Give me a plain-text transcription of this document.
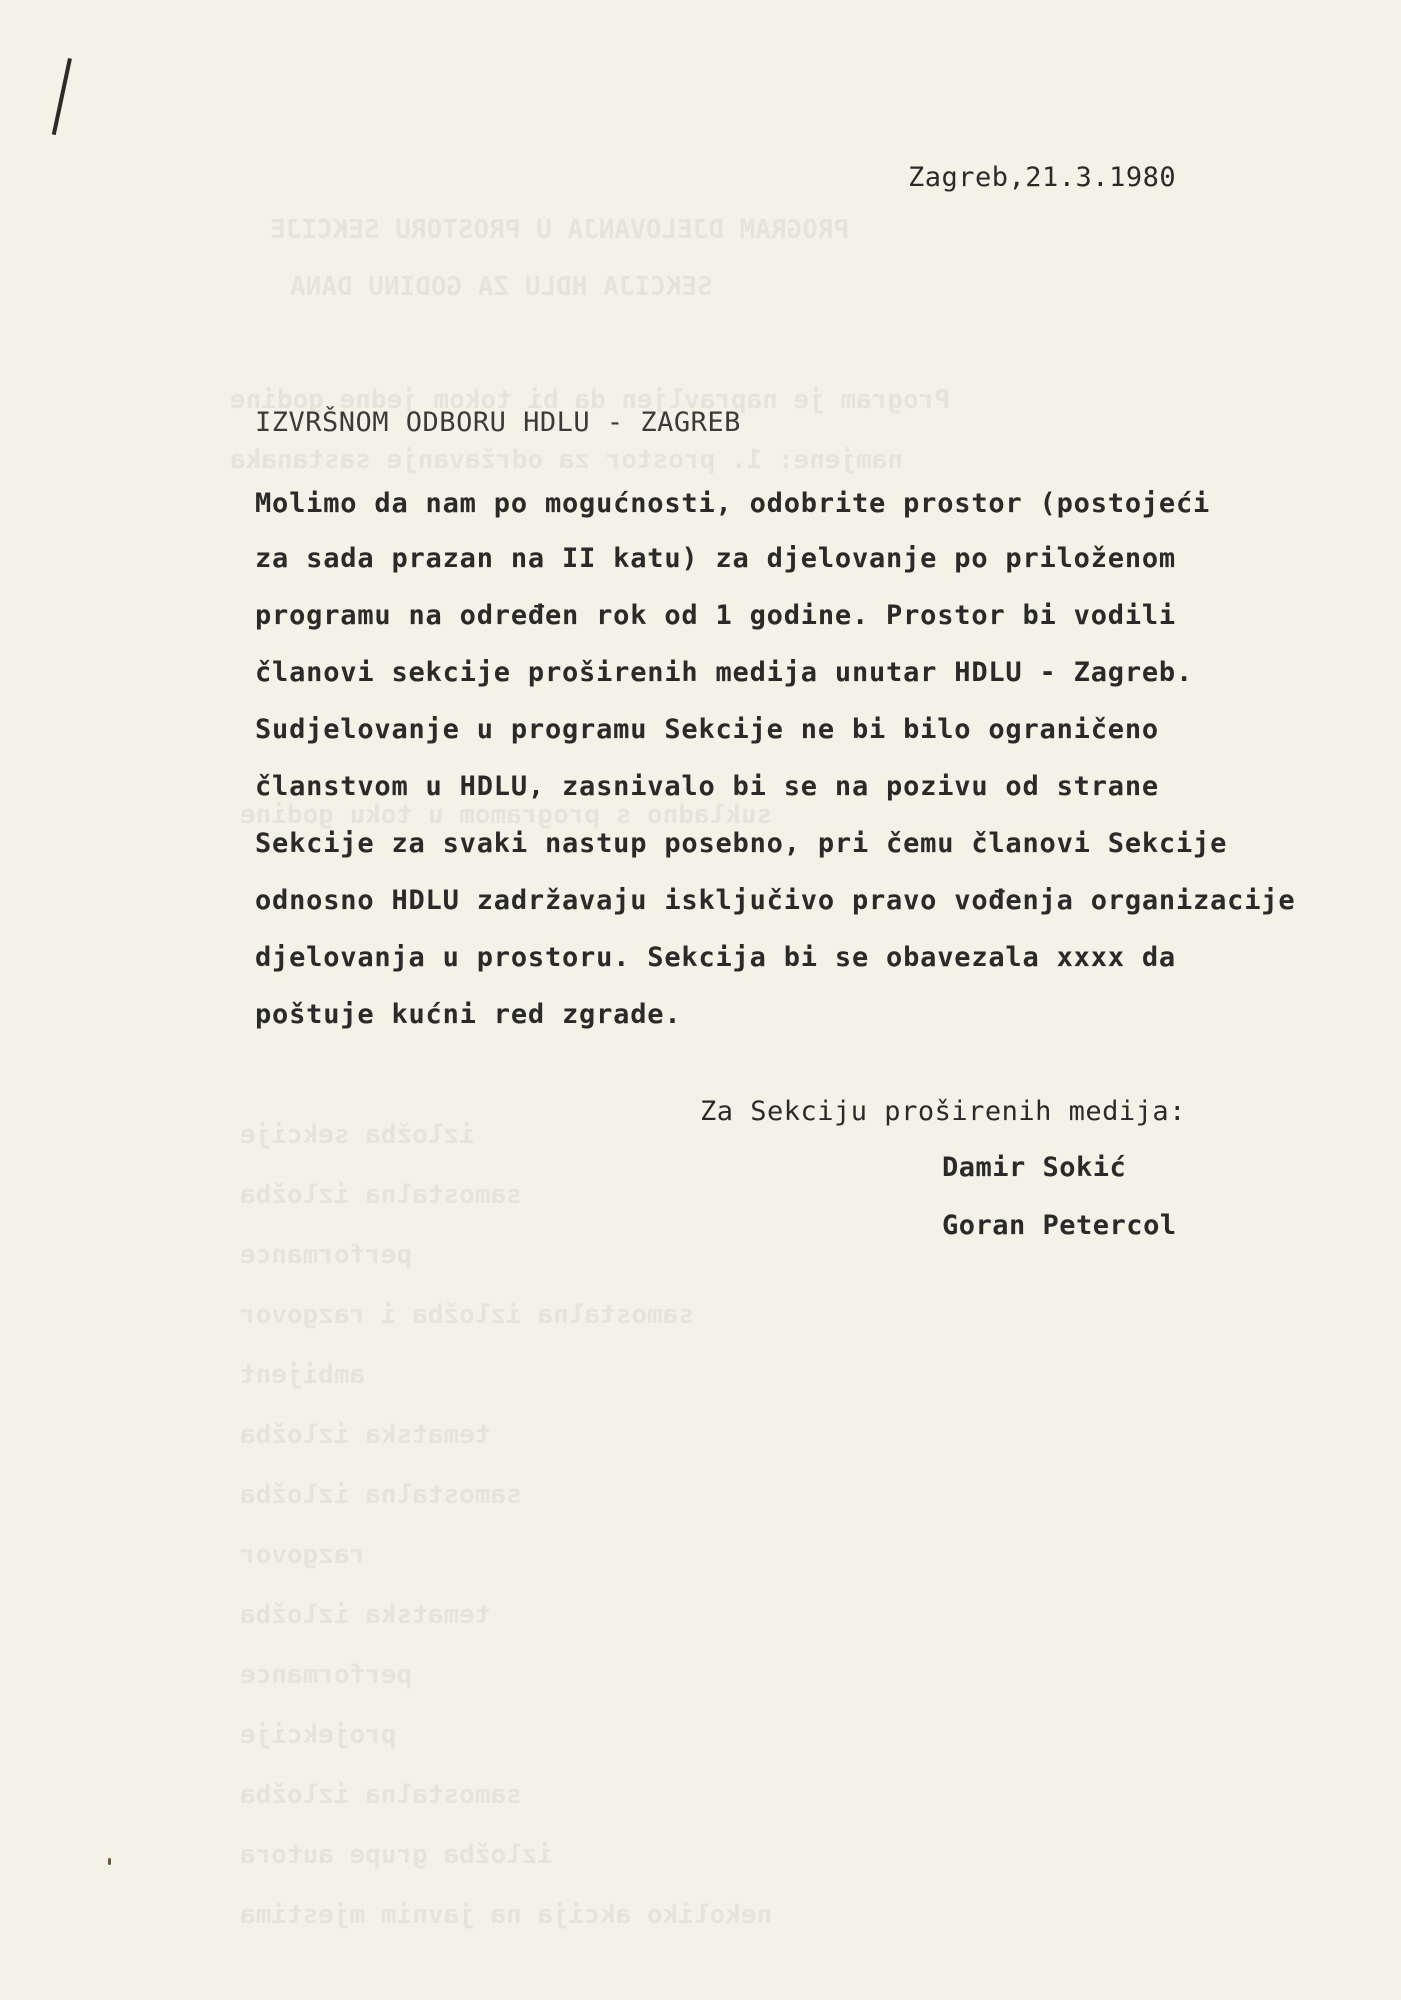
PROGRAM DJELOVANJA U PROSTORU SEKCIJE
SEKCIJA HDLU ZA GODINU DANA
Program je napravljen da bi tokom jedne godine
namjene: 1. prostor za održavanje sastanaka
sukladno s programom u toku godine
izložba sekcije
samostalna izložba
performance
samostalna izložba i razgovor
ambijent
tematska izložba
samostalna izložba
razgovor
tematska izložba
performance
projekcije
samostalna izložba
izložba grupe autora
nekoliko akcija na javnim mjestima
Zagreb,21.3.1980
IZVRŠNOM ODBORU HDLU - ZAGREB
Molimo da nam po mogućnosti, odobrite prostor (postojeći
za sada prazan na II katu) za djelovanje po priloženom
programu na određen rok od 1 godine. Prostor bi vodili
članovi sekcije proširenih medija unutar HDLU - Zagreb.
Sudjelovanje u programu Sekcije ne bi bilo ograničeno
članstvom u HDLU, zasnivalo bi se na pozivu od strane
Sekcije za svaki nastup posebno, pri čemu članovi Sekcije
odnosno HDLU zadržavaju isključivo pravo vođenja organizacije
djelovanja u prostoru. Sekcija bi se obavezala xxxx da
poštuje kućni red zgrade.
Za Sekciju proširenih medija:
Damir Sokić
Goran Petercol
